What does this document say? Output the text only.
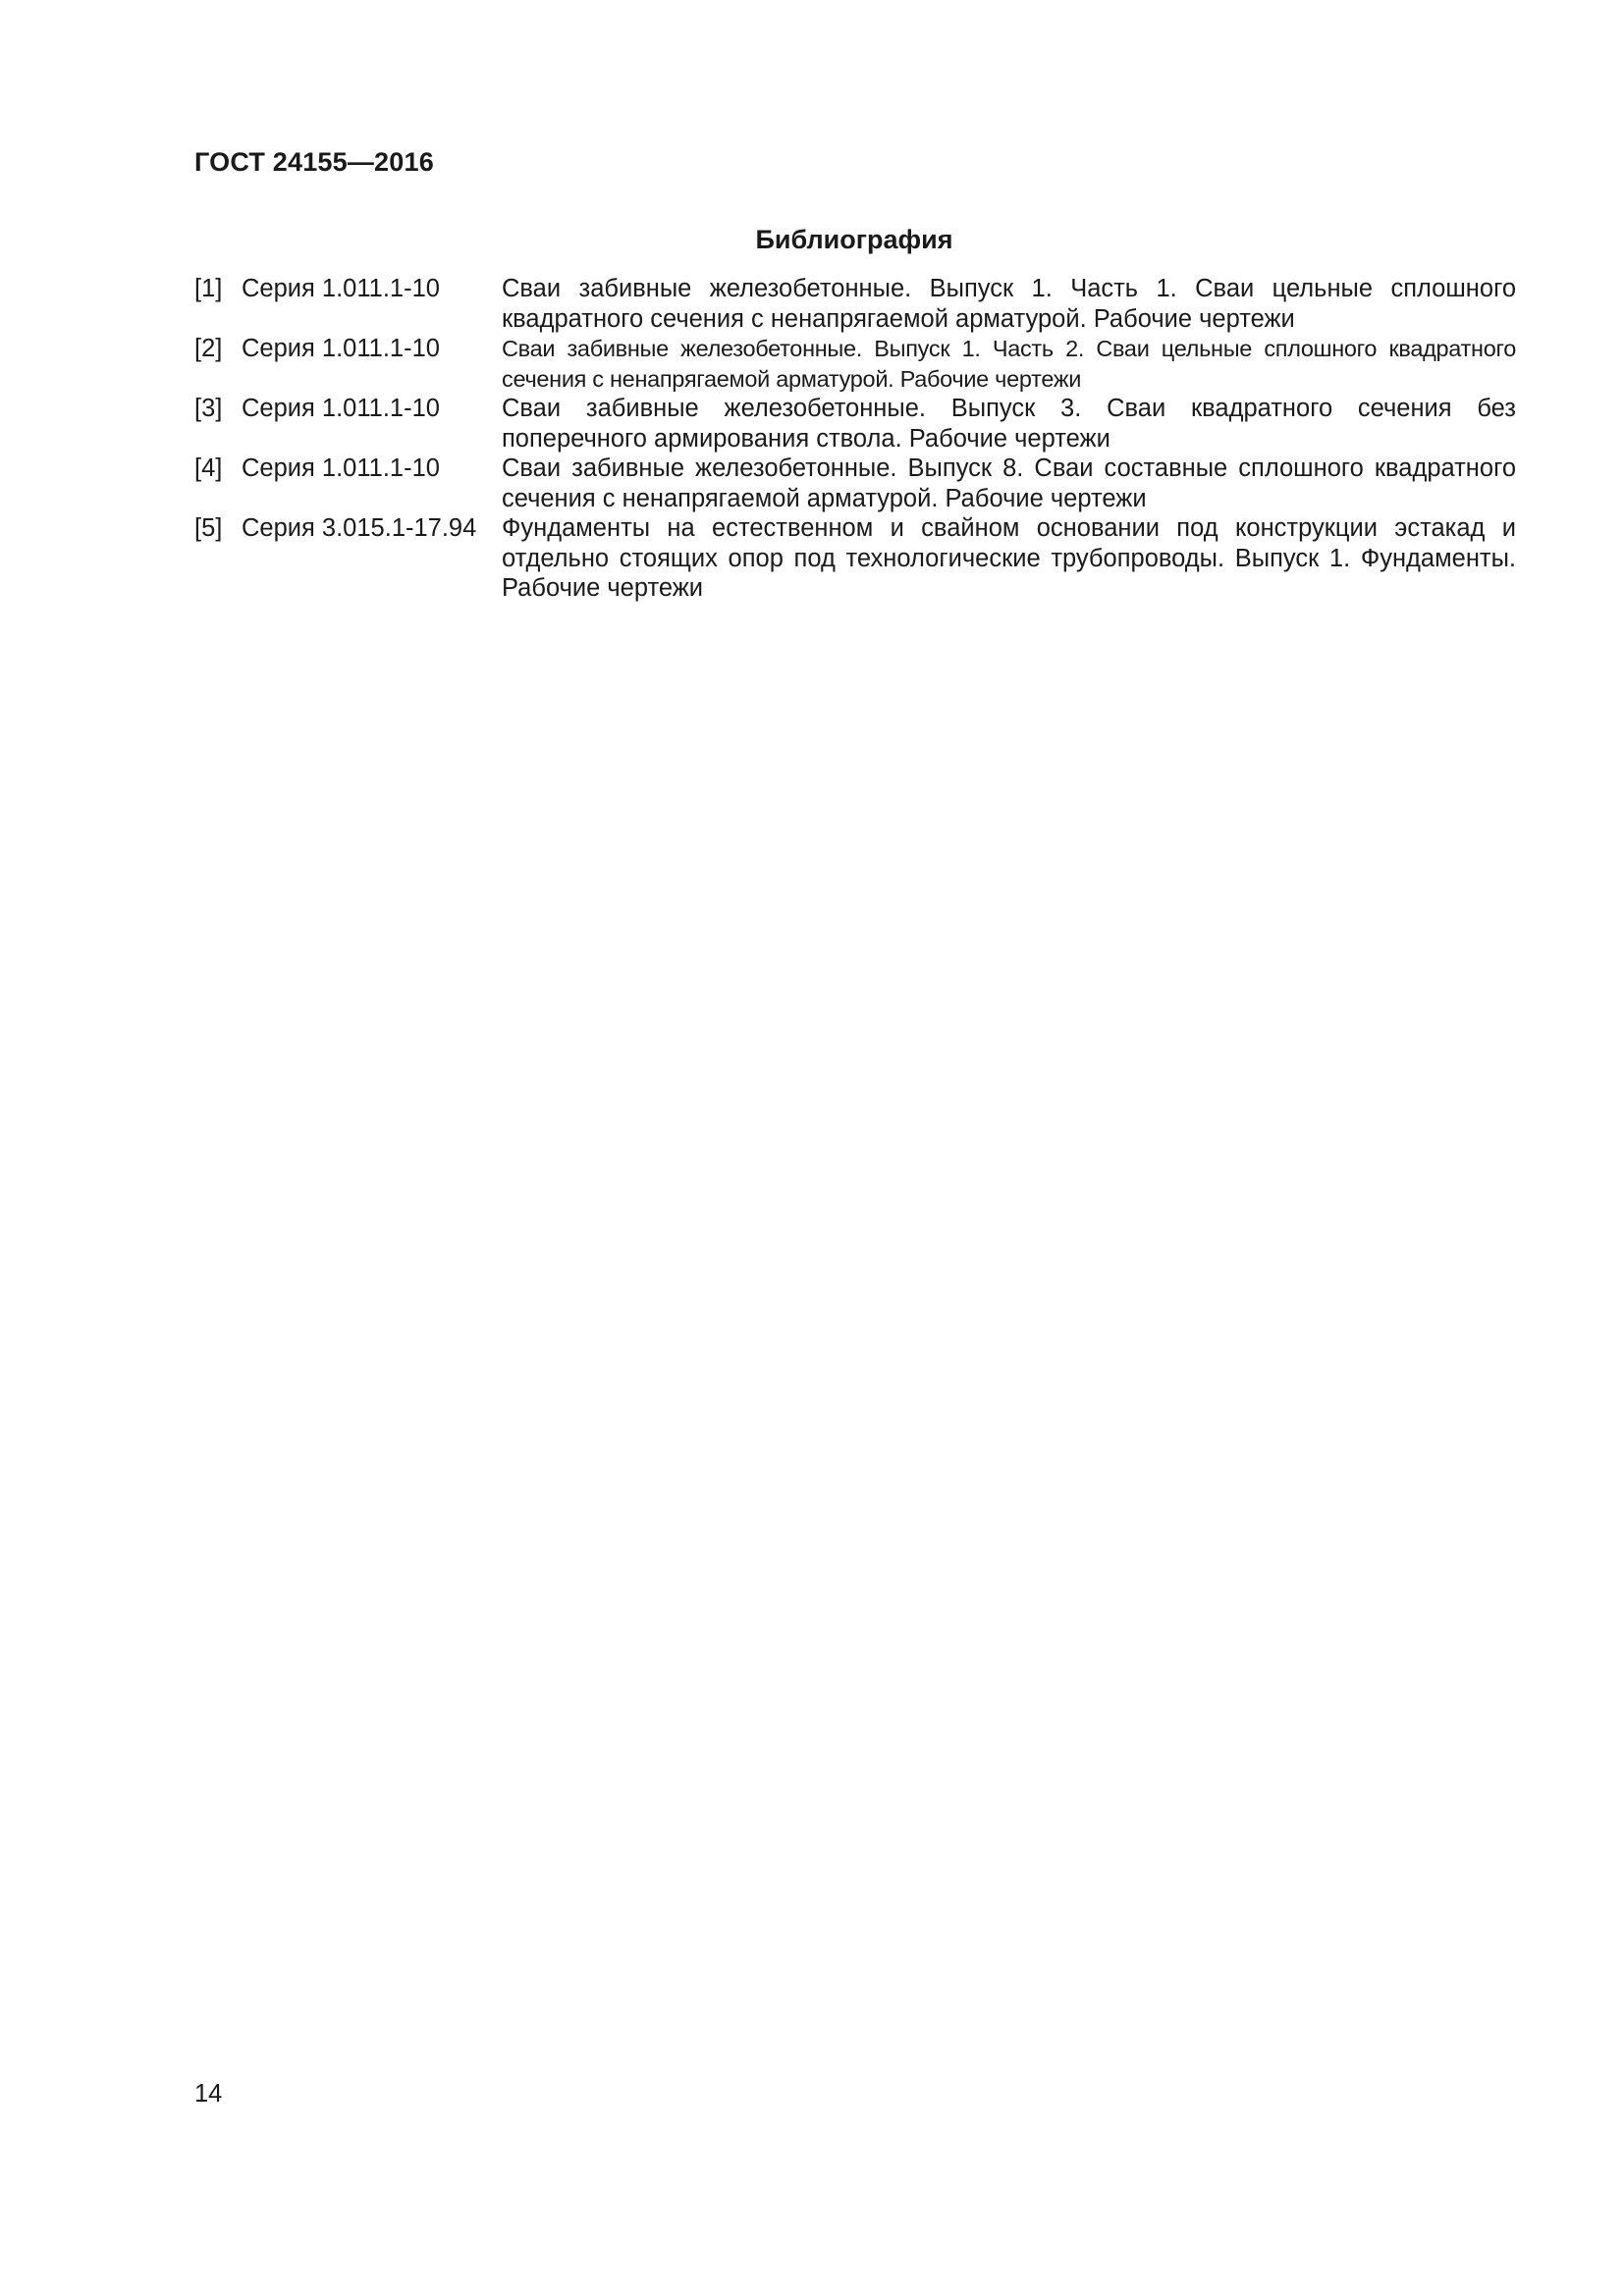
ГОСТ 24155—2016
Библиография
[1] Серия 1.011.1-10	Сваи забивные железобетонные. Выпуск 1. Часть 1. Сваи цельные сплошного квадратного сечения с ненапрягаемой арматурой. Рабочие чертежи
[2] Серия 1.011.1-10	Сваи забивные железобетонные. Выпуск 1. Часть 2. Сваи цельные сплошного квадратного сечения с ненапрягаемой арматурой. Рабочие чертежи
[3] Серия 1.011.1-10	Сваи забивные железобетонные. Выпуск 3. Сваи квадратного сечения без поперечного армирования ствола. Рабочие чертежи
[4] Серия 1.011.1-10	Сваи забивные железобетонные. Выпуск 8. Сваи составные сплошного квадратного сечения с ненапрягаемой арматурой. Рабочие чертежи
[5] Серия 3.015.1-17.94	Фундаменты на естественном и свайном основании под конструкции эстакад и отдельно стоящих опор под технологические трубопроводы. Выпуск 1. Фундаменты. Рабочие чертежи
14
